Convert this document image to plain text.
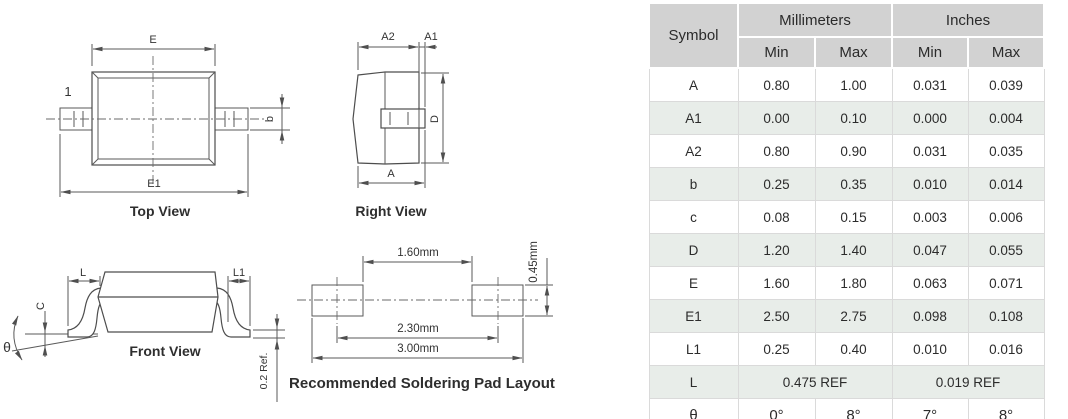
E
b
E1
1
Top View
A2	A1
D
A
Right View
θ
L	L1
C
0.2 Ref.
Front View
1.60mm	0.45mm
2.30mm
3.00mm
Recommended Soldering Pad Layout
Symbol	Millimeters		Inches	
	Min	Max	Min	Max
A	0.80	1.00	0.031	0.039
A1	0.00	0.10	0.000	0.004
A2	0.80	0.90	0.031	0.035
b	0.25	0.35	0.010	0.014
c	0.08	0.15	0.003	0.006
D	1.20	1.40	0.047	0.055
E	1.60	1.80	0.063	0.071
E1	2.50	2.75	0.098	0.108
L1	0.25	0.40	0.010	0.016
L	0.475 REF		0.019 REF	
θ	0°	8°	7°	8°
